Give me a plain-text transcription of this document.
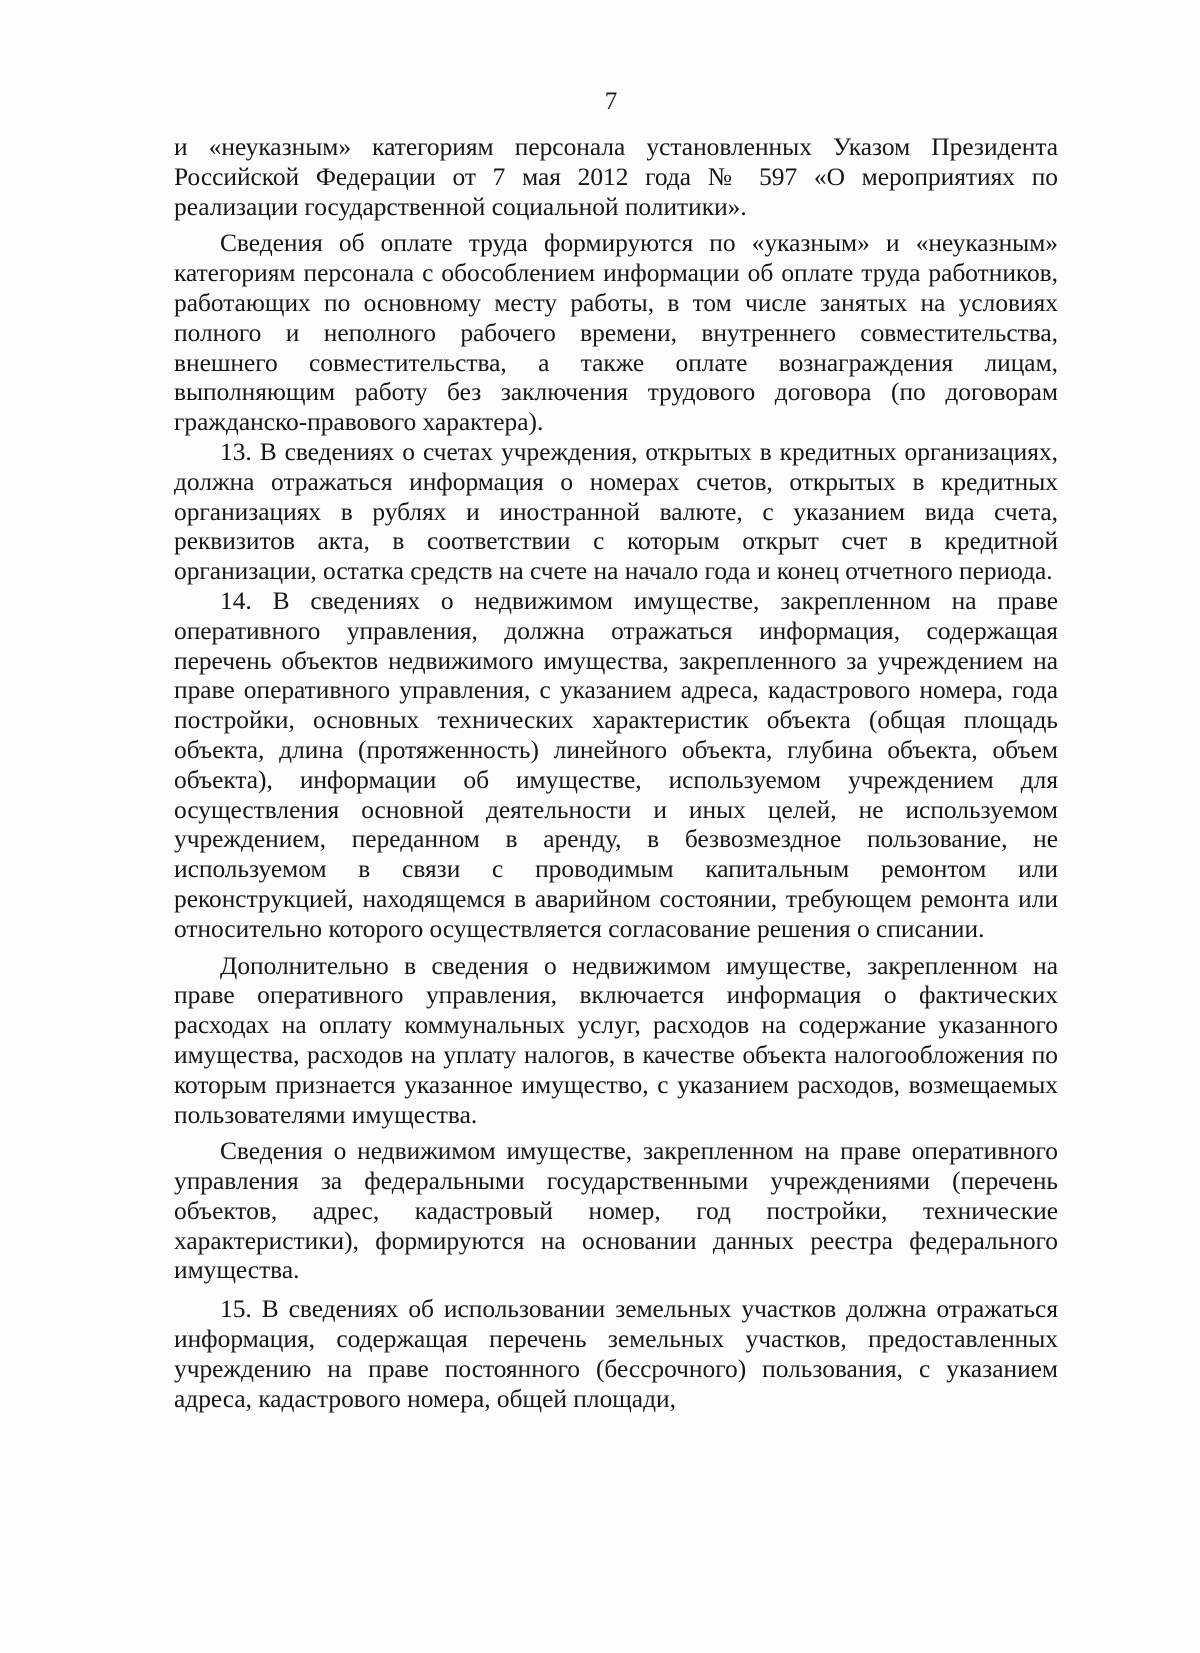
7

и «неуказным» категориям персонала установленных Указом Президента Российской Федерации от 7 мая 2012 года № 597 «О мероприятиях по реализации государственной социальной политики».

Сведения об оплате труда формируются по «указным» и «неуказным» категориям персонала с обособлением информации об оплате труда работников, работающих по основному месту работы, в том числе занятых на условиях полного и неполного рабочего времени, внутреннего совместительства, внешнего совместительства, а также оплате вознаграждения лицам, выполняющим работу без заключения трудового договора (по договорам гражданско-правового характера).

13. В сведениях о счетах учреждения, открытых в кредитных организациях, должна отражаться информация о номерах счетов, открытых в кредитных организациях в рублях и иностранной валюте, с указанием вида счета, реквизитов акта, в соответствии с которым открыт счет в кредитной организации, остатка средств на счете на начало года и конец отчетного периода.

14. В сведениях о недвижимом имуществе, закрепленном на праве оперативного управления, должна отражаться информация, содержащая перечень объектов недвижимого имущества, закрепленного за учреждением на праве оперативного управления, с указанием адреса, кадастрового номера, года постройки, основных технических характеристик объекта (общая площадь объекта, длина (протяженность) линейного объекта, глубина объекта, объем объекта), информации об имуществе, используемом учреждением для осуществления основной деятельности и иных целей, не используемом учреждением, переданном в аренду, в безвозмездное пользование, не используемом в связи с проводимым капитальным ремонтом или реконструкцией, находящемся в аварийном состоянии, требующем ремонта или относительно которого осуществляется согласование решения о списании.

Дополнительно в сведения о недвижимом имуществе, закрепленном на праве оперативного управления, включается информация о фактических расходах на оплату коммунальных услуг, расходов на содержание указанного имущества, расходов на уплату налогов, в качестве объекта налогообложения по которым признается указанное имущество, с указанием расходов, возмещаемых пользователями имущества.

Сведения о недвижимом имуществе, закрепленном на праве оперативного управления за федеральными государственными учреждениями (перечень объектов, адрес, кадастровый номер, год постройки, технические характеристики), формируются на основании данных реестра федерального имущества.

15. В сведениях об использовании земельных участков должна отражаться информация, содержащая перечень земельных участков, предоставленных учреждению на праве постоянного (бессрочного) пользования, с указанием адреса, кадастрового номера, общей площади,
